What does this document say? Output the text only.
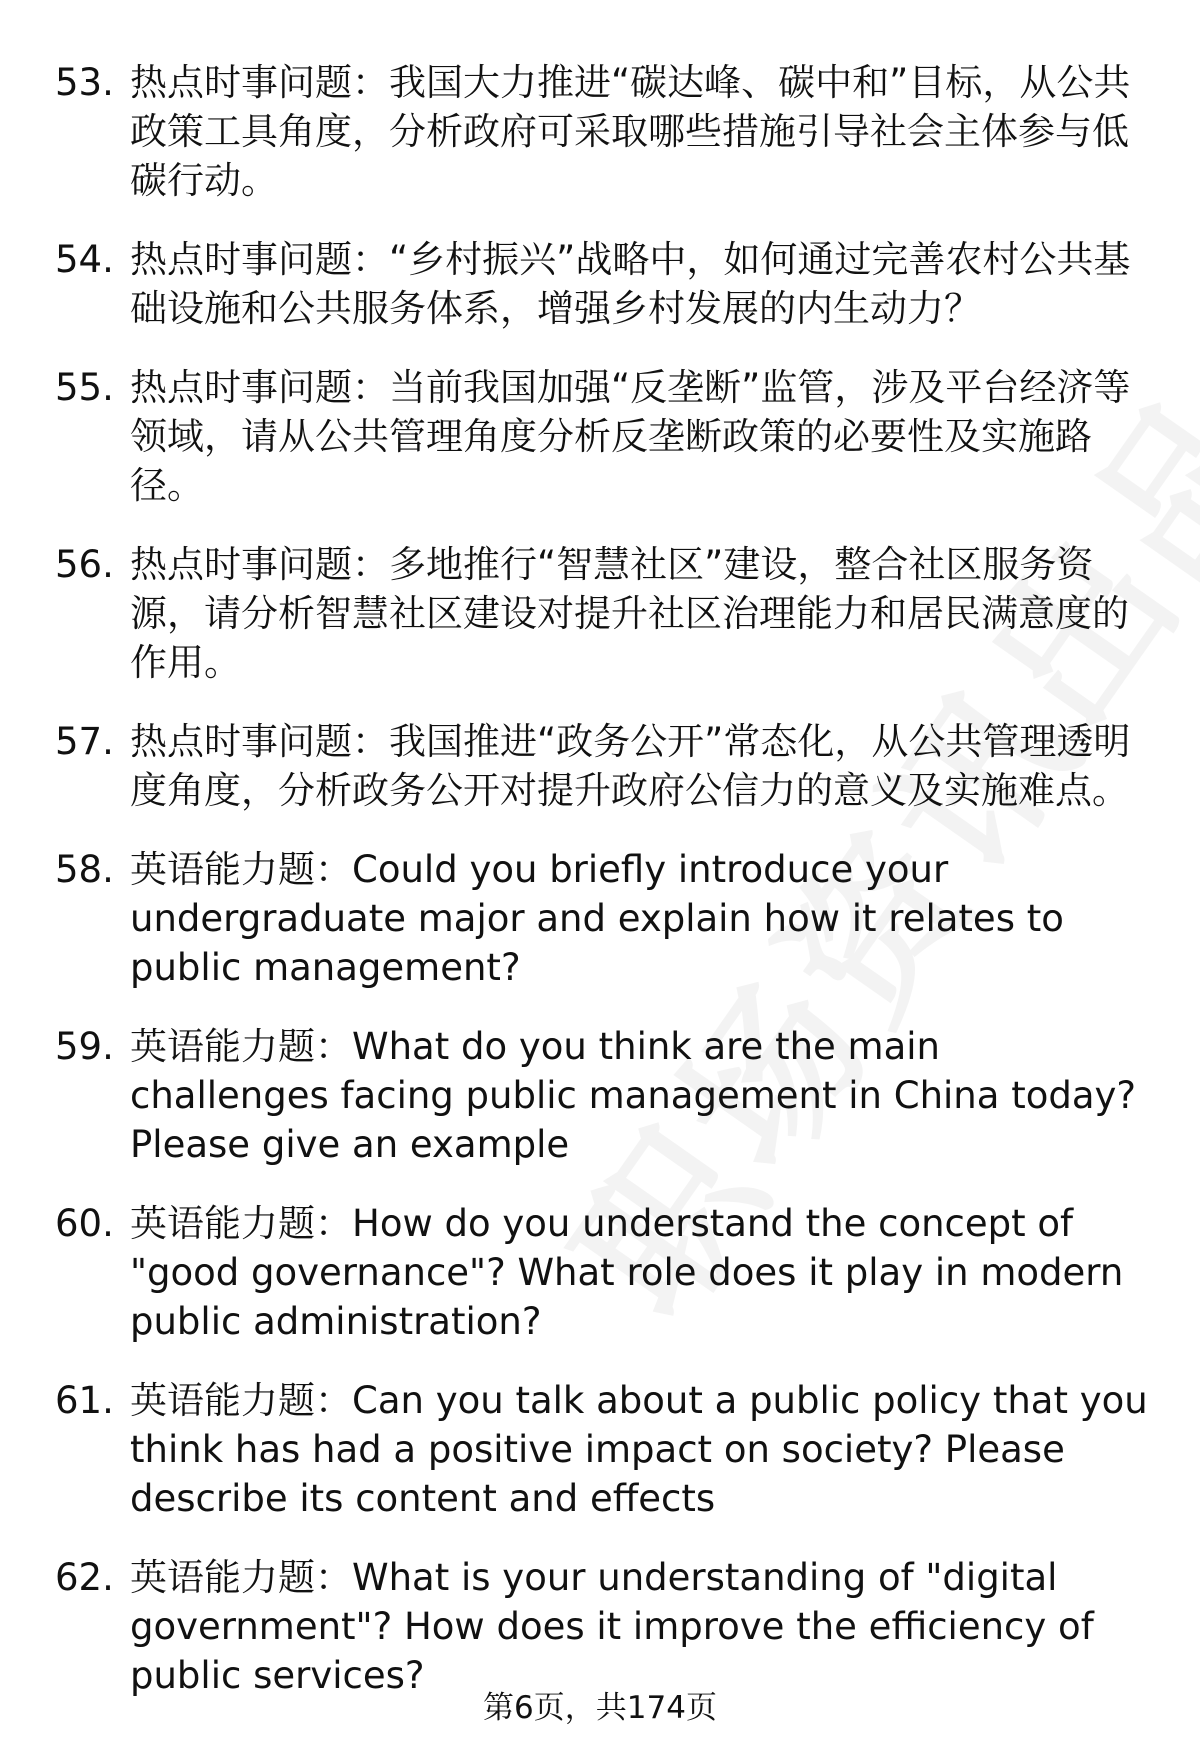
53. 热点时事问题：我国大力推进“碳达峰、碳中和”目标，从公共政策工具角度，分析政府可采取哪些措施引导社会主体参与低碳行动。
54. 热点时事问题：“乡村振兴”战略中，如何通过完善农村公共基础设施和公共服务体系，增强乡村发展的内生动力？
55. 热点时事问题：当前我国加强“反垄断”监管，涉及平台经济等领域，请从公共管理角度分析反垄断政策的必要性及实施路径。
56. 热点时事问题：多地推行“智慧社区”建设，整合社区服务资源，请分析智慧社区建设对提升社区治理能力和居民满意度的作用。
57. 热点时事问题：我国推进“政务公开”常态化，从公共管理透明度角度，分析政务公开对提升政府公信力的意义及实施难点。
58. 英语能力题：Could you briefly introduce your undergraduate major and explain how it relates to public management?
59. 英语能力题：What do you think are the main challenges facing public management in China today? Please give an example
60. 英语能力题：How do you understand the concept of "good governance"? What role does it play in modern public administration?
61. 英语能力题：Can you talk about a public policy that you think has had a positive impact on society? Please describe its content and effects
62. 英语能力题：What is your understanding of "digital government"? How does it improve the efficiency of public services?
第6页，共174页
